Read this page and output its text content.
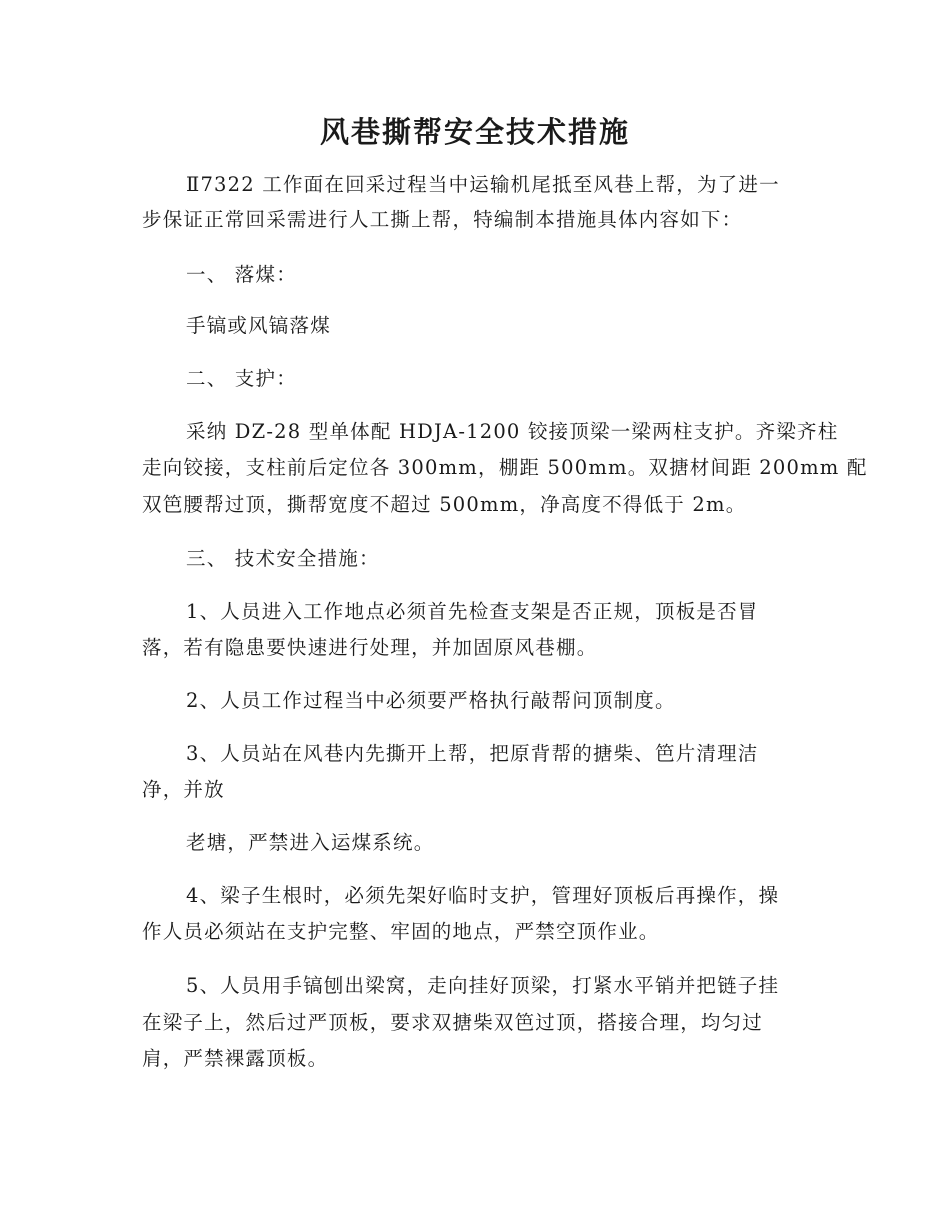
风巷撕帮安全技术措施
Ⅱ7322 工作面在回采过程当中运输机尾抵至风巷上帮，为了进一
步保证正常回采需进行人工撕上帮，特编制本措施具体内容如下：
一、 落煤：
手镐或风镐落煤
二、 支护：
采纳 DZ-28 型单体配 HDJA-1200 铰接顶梁一梁两柱支护。齐梁齐柱
走向铰接，支柱前后定位各 300mm，棚距 500mm。双搪材间距 200mm 配
双笆腰帮过顶，撕帮宽度不超过 500mm，净高度不得低于 2m。
三、 技术安全措施：
1、人员进入工作地点必须首先检查支架是否正规，顶板是否冒
落，若有隐患要快速进行处理，并加固原风巷棚。
2、人员工作过程当中必须要严格执行敲帮问顶制度。
3、人员站在风巷内先撕开上帮，把原背帮的搪柴、笆片清理洁
净，并放
老塘，严禁进入运煤系统。
4、梁子生根时，必须先架好临时支护，管理好顶板后再操作，操
作人员必须站在支护完整、牢固的地点，严禁空顶作业。
5、人员用手镐刨出梁窝，走向挂好顶梁，打紧水平销并把链子挂
在梁子上，然后过严顶板，要求双搪柴双笆过顶，搭接合理，均匀过
肩，严禁裸露顶板。
